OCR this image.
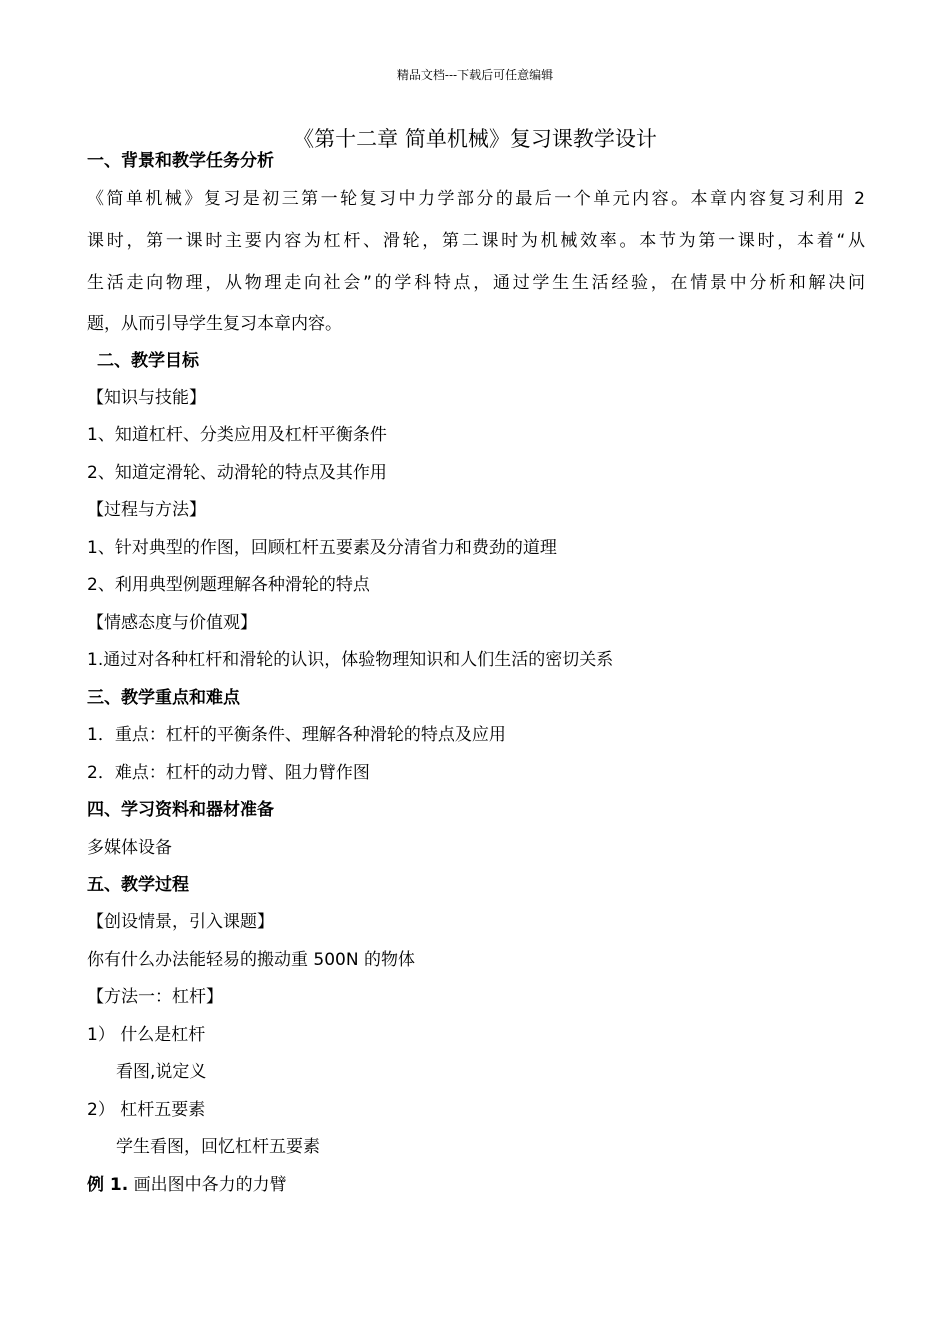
精品文档---下载后可任意编辑
《第十二章 简单机械》复习课教学设计
一、背景和教学任务分析
《简单机械》复习是初三第一轮复习中力学部分的最后一个单元内容。本章内容复习利用 2
课时，第一课时主要内容为杠杆、滑轮，第二课时为机械效率。本节为第一课时，本着“从
生活走向物理，从物理走向社会”的学科特点，通过学生生活经验，在情景中分析和解决问
题，从而引导学生复习本章内容。
二、教学目标
【知识与技能】
1、知道杠杆、分类应用及杠杆平衡条件
2、知道定滑轮、动滑轮的特点及其作用
【过程与方法】
1、针对典型的作图，回顾杠杆五要素及分清省力和费劲的道理
2、利用典型例题理解各种滑轮的特点
【情感态度与价值观】
1.通过对各种杠杆和滑轮的认识，体验物理知识和人们生活的密切关系
三、教学重点和难点
1．重点：杠杆的平衡条件、理解各种滑轮的特点及应用
2．难点：杠杆的动力臂、阻力臂作图
四、学习资料和器材准备
多媒体设备
五、教学过程
【创设情景，引入课题】
你有什么办法能轻易的搬动重 500N 的物体
【方法一：杠杆】
1） 什么是杠杆
看图,说定义
2） 杠杆五要素
学生看图，回忆杠杆五要素
例 1. 画出图中各力的力臂
